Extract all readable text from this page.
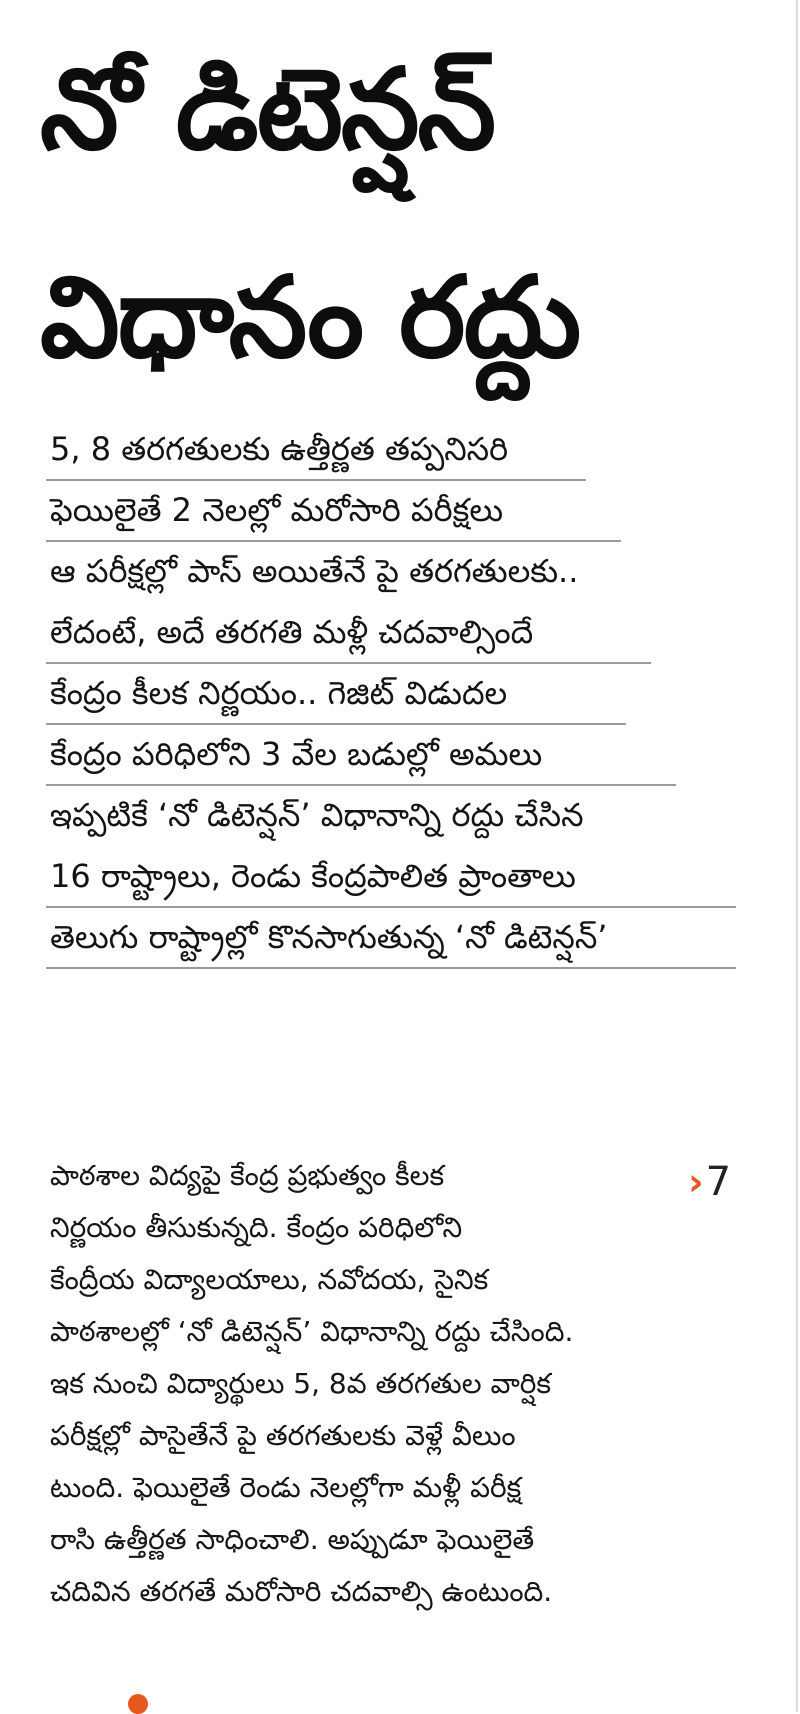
నో డిటెన్షన్
విధానం రద్దు
5, 8 తరగతులకు ఉత్తీర్ణత తప్పనిసరి
ఫెయిలైతే 2 నెలల్లో మరోసారి పరీక్షలు
ఆ పరీక్షల్లో పాస్ అయితేనే పై తరగతులకు..
లేదంటే, అదే తరగతి మళ్లీ చదవాల్సిందే
కేంద్రం కీలక నిర్ణయం.. గెజిట్ విడుదల
కేంద్రం పరిధిలోని 3 వేల బడుల్లో అమలు
ఇప్పటికే ‘నో డిటెన్షన్’ విధానాన్ని రద్దు చేసిన
16 రాష్ట్రాలు, రెండు కేంద్రపాలిత ప్రాంతాలు
తెలుగు రాష్ట్రాల్లో కొనసాగుతున్న ‘నో డిటెన్షన్’
›7
పాఠశాల విద్యపై కేంద్ర ప్రభుత్వం కీలక
నిర్ణయం తీసుకున్నది. కేంద్రం పరిధిలోని
కేంద్రీయ విద్యాలయాలు, నవోదయ, సైనిక
పాఠశాలల్లో ‘నో డిటెన్షన్’ విధానాన్ని రద్దు చేసింది.
ఇక నుంచి విద్యార్థులు 5, 8వ తరగతుల వార్షిక
పరీక్షల్లో పాసైతేనే పై తరగతులకు వెళ్లే వీలుం
టుంది. ఫెయిలైతే రెండు నెలల్లోగా మళ్లీ పరీక్ష
రాసి ఉత్తీర్ణత సాధించాలి. అప్పుడూ ఫెయిలైతే
చదివిన తరగతే మరోసారి చదవాల్సి ఉంటుంది.
